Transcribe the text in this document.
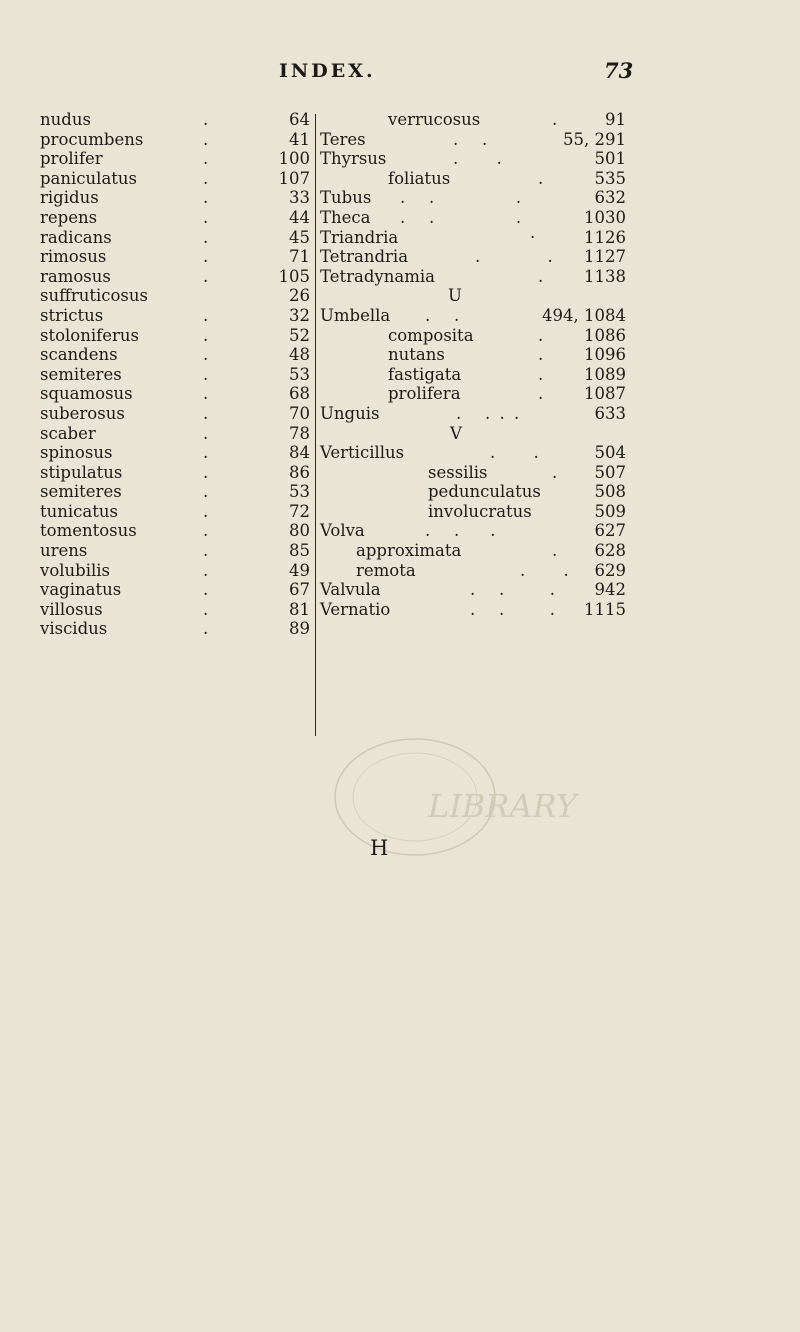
INDEX.	73
nudus	.	64
procumbens	.	41
prolifer	.	100
paniculatus	.	107
rigidus	.	33
repens	.	44
radicans	.	45
rimosus	.	71
ramosus	.	105
suffruticosus	26
strictus	.	32
stoloniferus	.	52
scandens	.	48
semiteres	.	53
squamosus	.	68
suberosus	.	70
scaber	.	78
spinosus	.	84
stipulatus	.	86
semiteres	.	53
tunicatus	.	72
tomentosus	.	80
urens	.	85
volubilis	.	49
vaginatus	.	67
villosus	.	81
viscidus	.	89
verrucosus	.	91
Teres	.   .	55, 291
Thyrsus	.     .	501
foliatus	.	535
Tubus .   .           .	632
Theca .   .           .	1030
Triandria	·	1126
Tetrandria	.         . 1127
Tetradynamia	. 1138
U
Umbella .   .	494, 1084
composita	. 1086
nutans	. 1096
fastigata	. 1089
prolifera	. 1087
Unguis	.   . . .	633
V
Verticillus	.     .	504
sessilis	. 507
pedunculatus	508
involucratus	509
Volva	.   .    .	627
approximata	. 628
remota	.     . 629
Valvula	.   .      . 942
Vernatio	.   .      . 1115
LIBRARY
H
